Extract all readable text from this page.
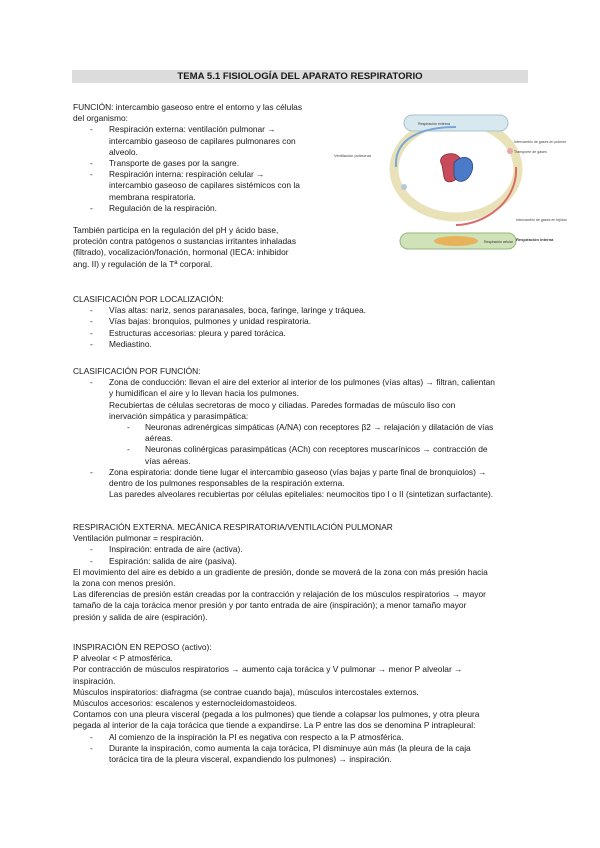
TEMA 5.1 FISIOLOGÍA DEL APARATO RESPIRATORIO

FUNCIÓN: intercambio gaseoso entre el entorno y las células

del organismo:

- Respiración externa: ventilación pulmonar →

intercambio gaseoso de capilares pulmonares con

alveolo.

- Transporte de gases por la sangre.

- Respiración interna: respiración celular →

intercambio gaseoso de capilares sistémicos con la

membrana respiratoria.

- Regulación de la respiración.

También participa en la regulación del pH y ácido base,

proteción contra patógenos o sustancias irritantes inhaladas

(filtrado), vocalización/fonación, hormonal (IECA: inhibidor

ang. II) y regulación de la Tª corporal.

Ventilación pulmonar
Intercambio de gases en pulmón
Transporte de gases
Intercambio de gases en tejidos
Respiración interna
Respiración externa
Respiración celular

CLASIFICACIÓN POR LOCALIZACIÓN:

- Vías altas: nariz, senos paranasales, boca, faringe, laringe y tráquea.

- Vías bajas: bronquios, pulmones y unidad respiratoria.

- Estructuras accesorias: pleura y pared torácica.

- Mediastino.

CLASIFICACIÓN POR FUNCIÓN:

- Zona de conducción: llevan el aire del exterior al interior de los pulmones (vías altas) → filtran, calientan

y humidifican el aire y lo llevan hacia los pulmones.

Recubiertas de células secretoras de moco y ciliadas. Paredes formadas de músculo liso con

inervación simpática y parasimpática:

- Neuronas adrenérgicas simpáticas (A/NA) con receptores β2 → relajación y dilatación de vías

aéreas.

- Neuronas colinérgicas parasimpáticas (ACh) con receptores muscarínicos → contracción de

vías aéreas.

- Zona espiratoria: donde tiene lugar el intercambio gaseoso (vías bajas y parte final de bronquiolos) →

dentro de los pulmones responsables de la respiración externa.

Las paredes alveolares recubiertas por células epiteliales: neumocitos tipo I o II (sintetizan surfactante).

RESPIRACIÓN EXTERNA. MECÁNICA RESPIRATORIA/VENTILACIÓN PULMONAR

Ventilación pulmonar = respiración.

- Inspiración: entrada de aire (activa).

- Espiración: salida de aire (pasiva).

El movimiento del aire es debido a un gradiente de presión, donde se moverá de la zona con más presión hacia

la zona con menos presión.

Las diferencias de presión están creadas por la contracción y relajación de los músculos respiratorios → mayor

tamaño de la caja torácica menor presión y por tanto entrada de aire (inspiración); a menor tamaño mayor

presión y salida de aire (espiración).

INSPIRACIÓN EN REPOSO (activo):

P alveolar < P atmosférica.

Por contracción de músculos respiratorios → aumento caja torácica y V pulmonar → menor P alveolar →

inspiración.

Músculos inspiratorios: diafragma (se contrae cuando baja), músculos intercostales externos.

Músculos accesorios: escalenos y esternocleidomastoideos.

Contamos con una pleura visceral (pegada a los pulmones) que tiende a colapsar los pulmones, y otra pleura

pegada al interior de la caja torácica que tiende a expandirse. La P entre las dos se denomina P intrapleural:

- Al comienzo de la inspiración la PI es negativa con respecto a la P atmosférica.

- Durante la inspiración, como aumenta la caja torácica, PI disminuye aún más (la pleura de la caja

torácica tira de la pleura visceral, expandiendo los pulmones) → inspiración.
